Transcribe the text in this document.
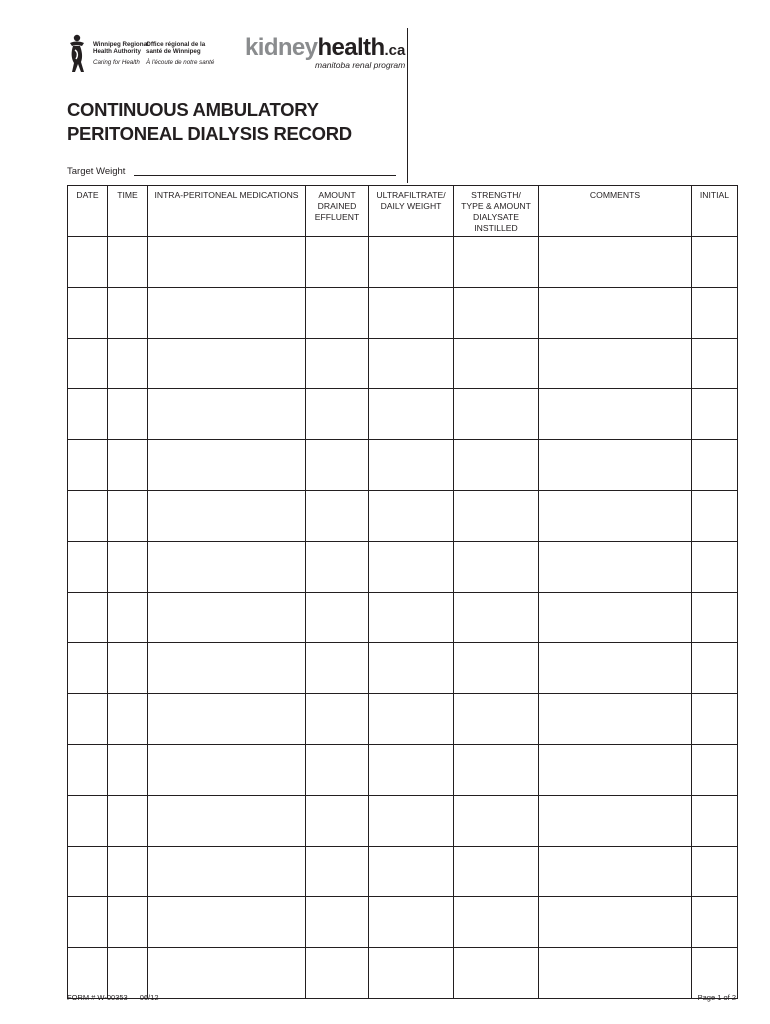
Winnipeg Regional
Health Authority
Caring for Health
Office régional de la
santé de Winnipeg
À l'écoute de notre santé
kidneyhealth.ca
manitoba renal program
CONTINUOUS AMBULATORY
PERITONEAL DIALYSIS RECORD
Target Weight
DATE	TIME	INTRA-PERITONEAL MEDICATIONS	AMOUNT
DRAINED
EFFLUENT	ULTRAFILTRATE/
DAILY WEIGHT	STRENGTH/
TYPE & AMOUNT
DIALYSATE
INSTILLED	COMMENTS	INITIAL

FORM # W-00353 06/12	Page 1 of 2
